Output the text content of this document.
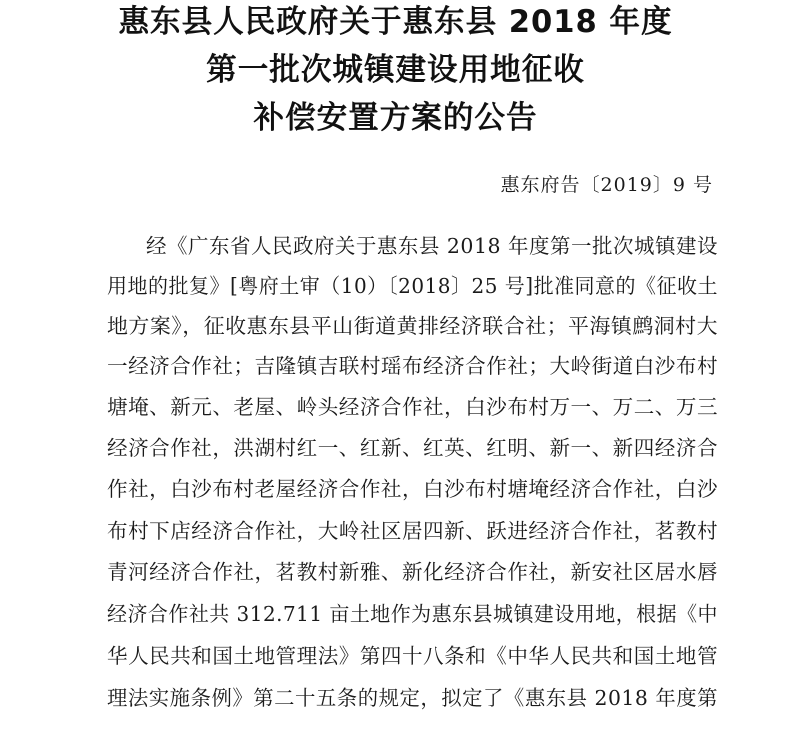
惠东县人民政府关于惠东县 2018 年度
第一批次城镇建设用地征收
补偿安置方案的公告
惠东府告〔2019〕9 号
经《广东省人民政府关于惠东县 2018 年度第一批次城镇建设
用地的批复》[粤府土审（10）〔2018〕25 号]批准同意的《征收土
地方案》，征收惠东县平山街道黄排经济联合社；平海镇鹧洞村大
一经济合作社；吉隆镇吉联村瑶布经济合作社；大岭街道白沙布村
塘埯、新元、老屋、岭头经济合作社，白沙布村万一、万二、万三
经济合作社，洪湖村红一、红新、红英、红明、新一、新四经济合
作社，白沙布村老屋经济合作社，白沙布村塘埯经济合作社，白沙
布村下店经济合作社，大岭社区居四新、跃进经济合作社，茗教村
青河经济合作社，茗教村新雅、新化经济合作社，新安社区居水唇
经济合作社共 312.711 亩土地作为惠东县城镇建设用地，根据《中
华人民共和国土地管理法》第四十八条和《中华人民共和国土地管
理法实施条例》第二十五条的规定，拟定了《惠东县 2018 年度第
